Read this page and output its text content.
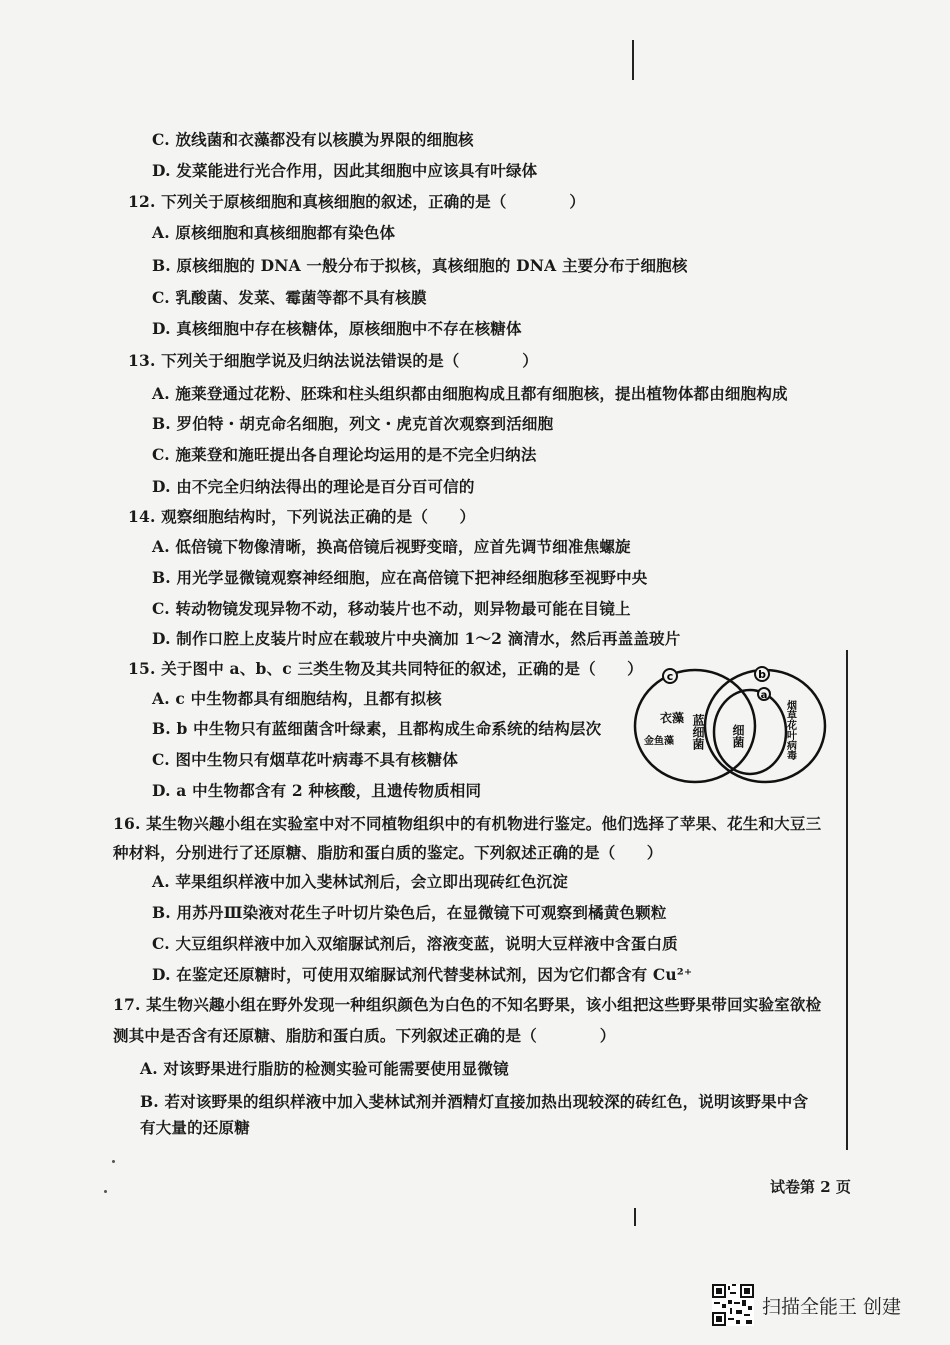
C. 放线菌和衣藻都没有以核膜为界限的细胞核
D. 发菜能进行光合作用，因此其细胞中应该具有叶绿体
12. 下列关于原核细胞和真核细胞的叙述，正确的是（　　　　）
A. 原核细胞和真核细胞都有染色体
B. 原核细胞的 DNA 一般分布于拟核，真核细胞的 DNA 主要分布于细胞核
C. 乳酸菌、发菜、霉菌等都不具有核膜
D. 真核细胞中存在核糖体，原核细胞中不存在核糖体
13. 下列关于细胞学说及归纳法说法错误的是（　　　　）
A. 施莱登通过花粉、胚珠和柱头组织都由细胞构成且都有细胞核，提出植物体都由细胞构成
B. 罗伯特・胡克命名细胞，列文・虎克首次观察到活细胞
C. 施莱登和施旺提出各自理论均运用的是不完全归纳法
D. 由不完全归纳法得出的理论是百分百可信的
14. 观察细胞结构时，下列说法正确的是（　　）
A. 低倍镜下物像清晰，换高倍镜后视野变暗，应首先调节细准焦螺旋
B. 用光学显微镜观察神经细胞，应在高倍镜下把神经细胞移至视野中央
C. 转动物镜发现异物不动，移动装片也不动，则异物最可能在目镜上
D. 制作口腔上皮装片时应在载玻片中央滴加 1～2 滴清水，然后再盖盖玻片
15. 关于图中 a、b、c 三类生物及其共同特征的叙述，正确的是（　　）
A. c 中生物都具有细胞结构，且都有拟核
B. b 中生物只有蓝细菌含叶绿素，且都构成生命系统的结构层次
C. 图中生物只有烟草花叶病毒不具有核糖体
D. a 中生物都含有 2 种核酸，且遗传物质相同
c	b
a
衣藻
金鱼藻 蓝细菌 细菌	烟草花叶病毒
16. 某生物兴趣小组在实验室中对不同植物组织中的有机物进行鉴定。他们选择了苹果、花生和大豆三
种材料，分别进行了还原糖、脂肪和蛋白质的鉴定。下列叙述正确的是（　　）
A. 苹果组织样液中加入斐林试剂后，会立即出现砖红色沉淀
B. 用苏丹Ⅲ染液对花生子叶切片染色后，在显微镜下可观察到橘黄色颗粒
C. 大豆组织样液中加入双缩脲试剂后，溶液变蓝，说明大豆样液中含蛋白质
D. 在鉴定还原糖时，可使用双缩脲试剂代替斐林试剂，因为它们都含有 Cu²⁺
17. 某生物兴趣小组在野外发现一种组织颜色为白色的不知名野果，该小组把这些野果带回实验室欲检
测其中是否含有还原糖、脂肪和蛋白质。下列叙述正确的是（　　　　）
A. 对该野果进行脂肪的检测实验可能需要使用显微镜
B. 若对该野果的组织样液中加入斐林试剂并酒精灯直接加热出现较深的砖红色，说明该野果中含
有大量的还原糖
试卷第 2 页
扫描全能王 创建
